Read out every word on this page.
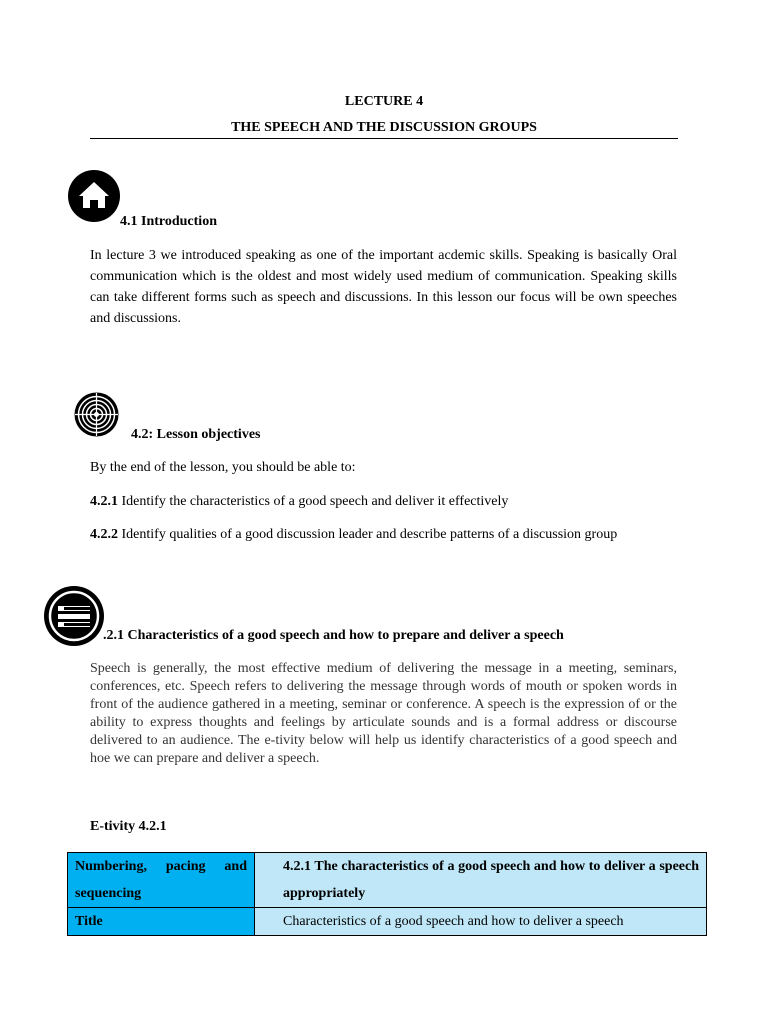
LECTURE 4
THE SPEECH AND THE DISCUSSION GROUPS
4.1 Introduction
In lecture 3 we introduced speaking as one of the important acdemic skills. Speaking is basically Oral communication which is the oldest and most widely used medium of communication. Speaking skills can take different forms such as speech and discussions. In this lesson our focus will be own speeches and discussions.
4.2: Lesson objectives
By the end of the lesson, you should be able to:
4.2.1 Identify the characteristics of a good speech and deliver it effectively
4.2.2 Identify qualities of a good discussion leader and describe patterns of a discussion group
.2.1 Characteristics of a good speech and how to prepare and deliver a speech
Speech is generally, the most effective medium of delivering the message in a meeting, seminars, conferences, etc. Speech refers to delivering the message through words of mouth or spoken words in front of the audience gathered in a meeting, seminar or conference. A speech is the expression of or the ability to express thoughts and feelings by articulate sounds and is a formal address or discourse delivered to an audience. The e-tivity below will help us identify characteristics of a good speech and hoe we can prepare and deliver a speech.
E-tivity 4.2.1
Numbering, pacing and sequencing	4.2.1 The characteristics of a good speech and how to deliver a speech appropriately
Title	Characteristics of a good speech and how to deliver a speech
